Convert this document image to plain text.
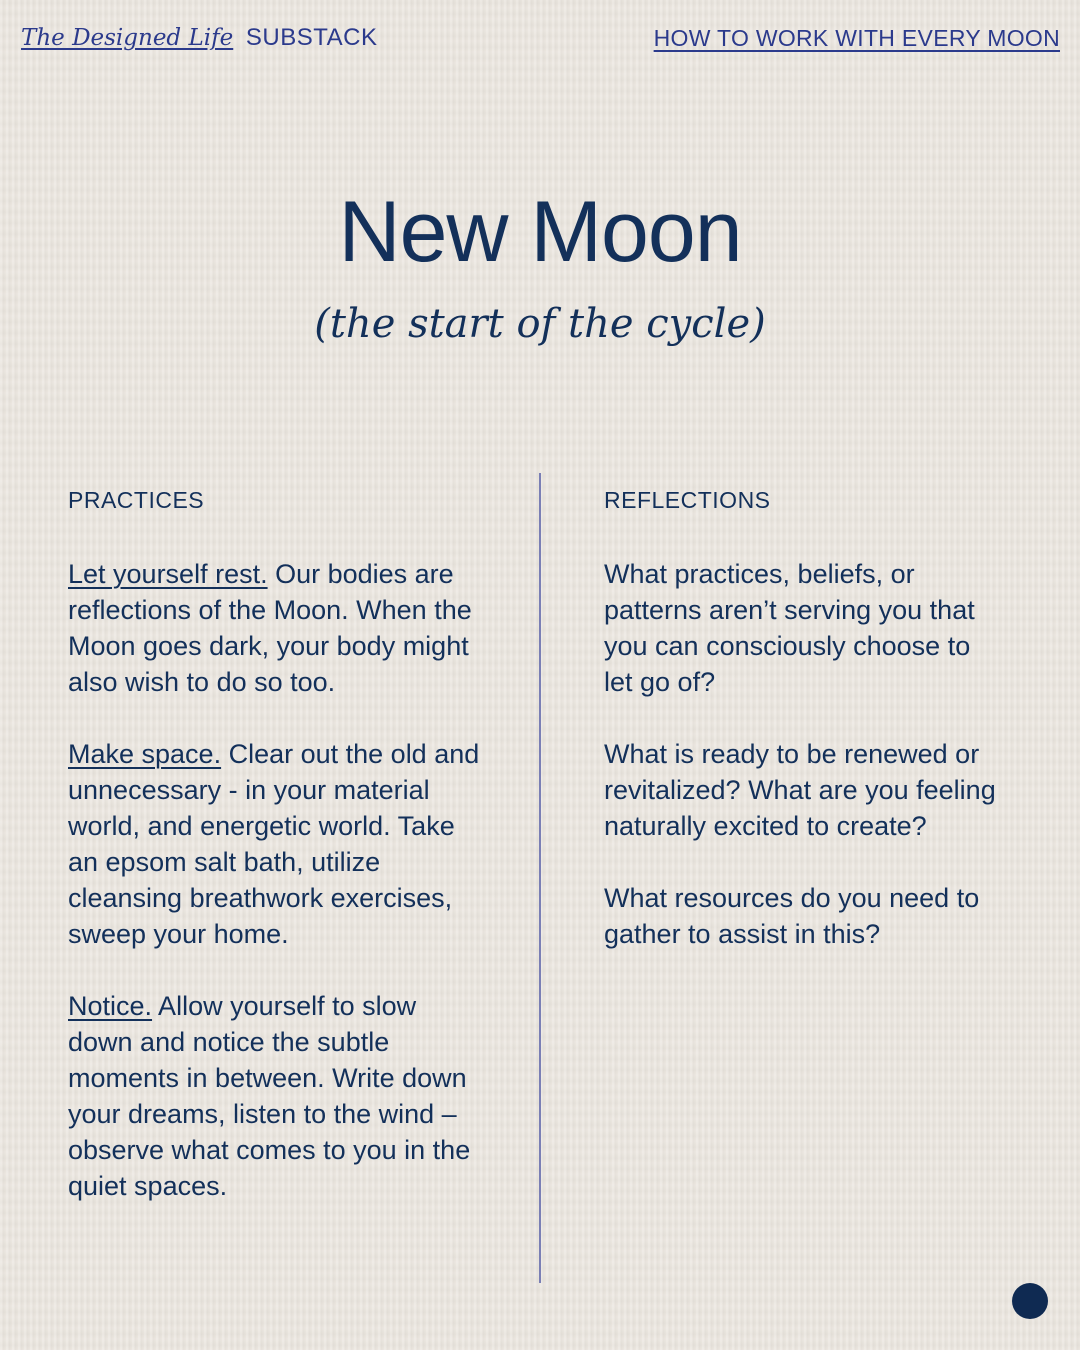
The Designed Life SUBSTACK	HOW TO WORK WITH EVERY MOON
New Moon
(the start of the cycle)
PRACTICES
Let yourself rest. Our bodies are reflections of the Moon. When the Moon goes dark, your body might also wish to do so too.
Make space. Clear out the old and unnecessary - in your material world, and energetic world. Take an epsom salt bath, utilize cleansing breathwork exercises, sweep your home.
Notice. Allow yourself to slow down and notice the subtle moments in between. Write down your dreams, listen to the wind – observe what comes to you in the quiet spaces.
REFLECTIONS
What practices, beliefs, or patterns aren’t serving you that you can consciously choose to let go of?
What is ready to be renewed or revitalized? What are you feeling naturally excited to create?
What resources do you need to gather to assist in this?
